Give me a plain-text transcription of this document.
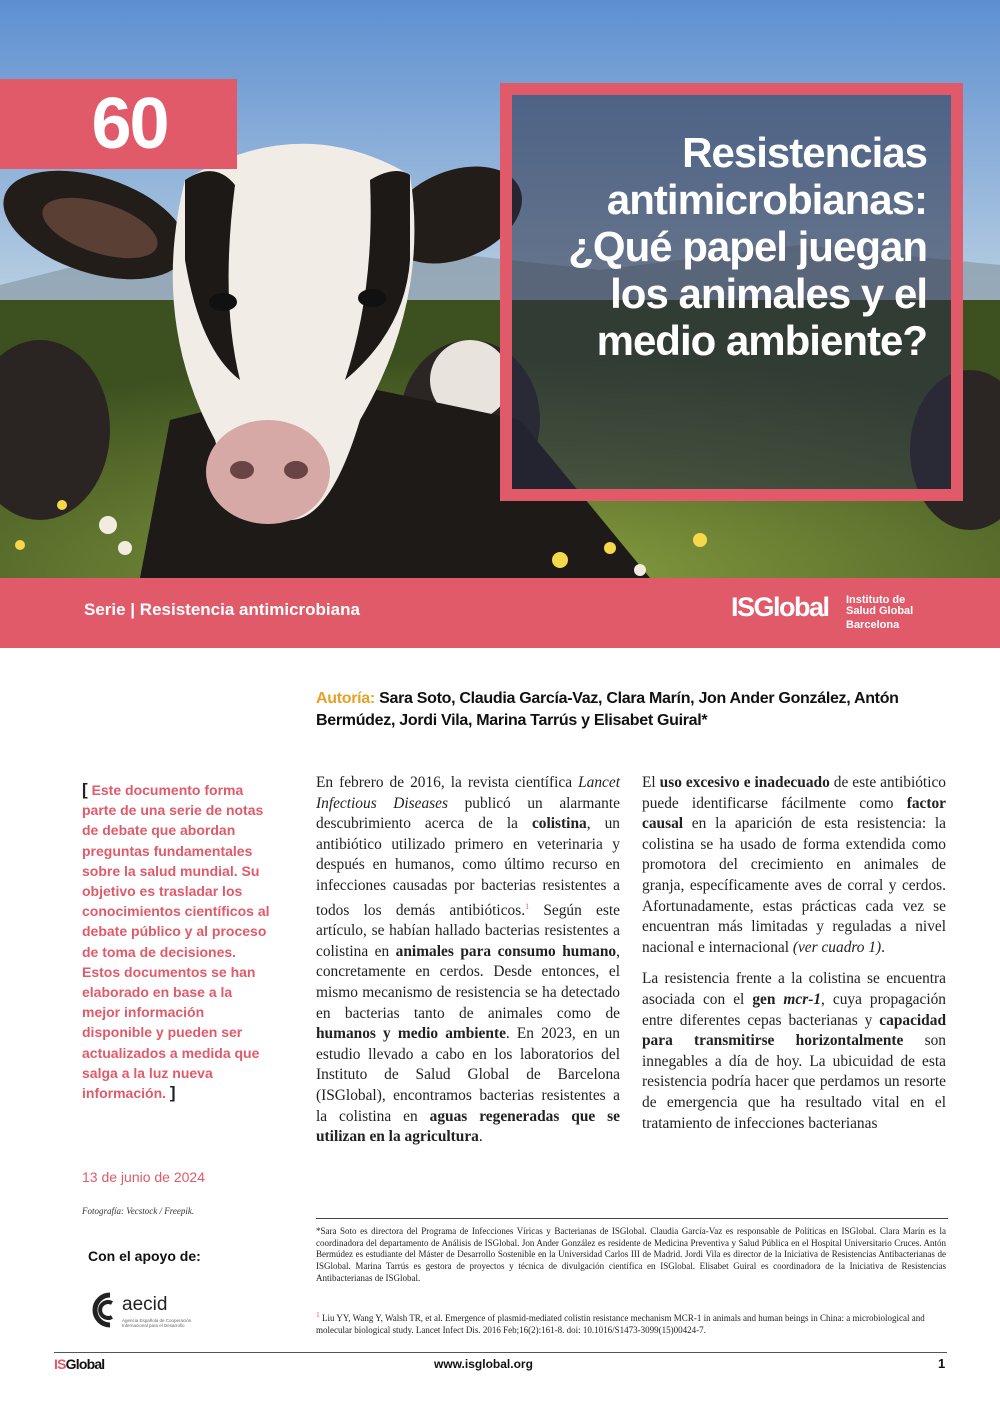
60	Resistencias antimicrobianas: ¿Qué papel juegan los animales y el medio ambiente?
Serie | Resistencia antimicrobiana	ISGlobal Instituto de
Salud Global
Barcelona
Autoría: Sara Soto, Claudia García-Vaz, Clara Marín, Jon Ander González, Antón Bermúdez, Jordi Vila, Marina Tarrús y Elisabet Guiral*
[ Este documento forma parte de una serie de notas de debate que abordan preguntas fundamentales sobre la salud mundial. Su objetivo es trasladar los conocimientos científicos al debate público y al proceso de toma de decisiones. Estos documentos se han elaborado en base a la mejor información disponible y pueden ser actualizados a medida que salga a la luz nueva información. ]
13 de junio de 2024
Fotografía: Vecstock / Freepik.
Con el apoyo de:
aecid
Agencia Española de Cooperación Internacional para el Desarrollo

En febrero de 2016, la revista científica Lancet Infectious Diseases publicó un alarmante descubrimiento acerca de la colistina, un antibiótico utilizado primero en veterinaria y después en humanos, como último recurso en infecciones causadas por bacterias resistentes a todos los demás antibióticos.$^1$ Según este artículo, se habían hallado bacterias resistentes a colistina en animales para consumo humano, concretamente en cerdos. Desde entonces, el mismo mecanismo de resistencia se ha detectado en bacterias tanto de animales como de humanos y medio ambiente. En 2023, en un estudio llevado a cabo en los laboratorios del Instituto de Salud Global de Barcelona (ISGlobal), encontramos bacterias resistentes a la colistina en aguas regeneradas que se utilizan en la agricultura.

El uso excesivo e inadecuado de este antibiótico puede identificarse fácilmente como factor causal en la aparición de esta resistencia: la colistina se ha usado de forma extendida como promotora del crecimiento en animales de granja, específicamente aves de corral y cerdos. Afortunadamente, estas prácticas cada vez se encuentran más limitadas y reguladas a nivel nacional e internacional (ver cuadro 1).

La resistencia frente a la colistina se encuentra asociada con el gen mcr-1, cuya propagación entre diferentes cepas bacterianas y capacidad para transmitirse horizontalmente son innegables a día de hoy. La ubicuidad de esta resistencia podría hacer que perdamos un resorte de emergencia que ha resultado vital en el tratamiento de infecciones bacterianas

*Sara Soto es directora del Programa de Infecciones Víricas y Bacterianas de ISGlobal. Claudia García-Vaz es responsable de Políticas en ISGlobal. Clara Marín es la coordinadora del departamento de Análisis de ISGlobal. Jon Ander González es residente de Medicina Preventiva y Salud Pública en el Hospital Universitario Cruces. Antón Bermúdez es estudiante del Máster de Desarrollo Sostenible en la Universidad Carlos III de Madrid. Jordi Vila es director de la Iniciativa de Resistencias Antibacterianas de ISGlobal. Marina Tarrús es gestora de proyectos y técnica de divulgación científica en ISGlobal. Elisabet Guiral es coordinadora de la Iniciativa de Resistencias Antibacterianas de ISGlobal.
$^1$ Liu YY, Wang Y, Walsh TR, et al. Emergence of plasmid-mediated colistin resistance mechanism MCR-1 in animals and human beings in China: a microbiological and molecular biological study. Lancet Infect Dis. 2016 Feb;16(2):161-8. doi: 10.1016/S1473-3099(15)00424-7.
ISGlobal	www.isglobal.org	1
